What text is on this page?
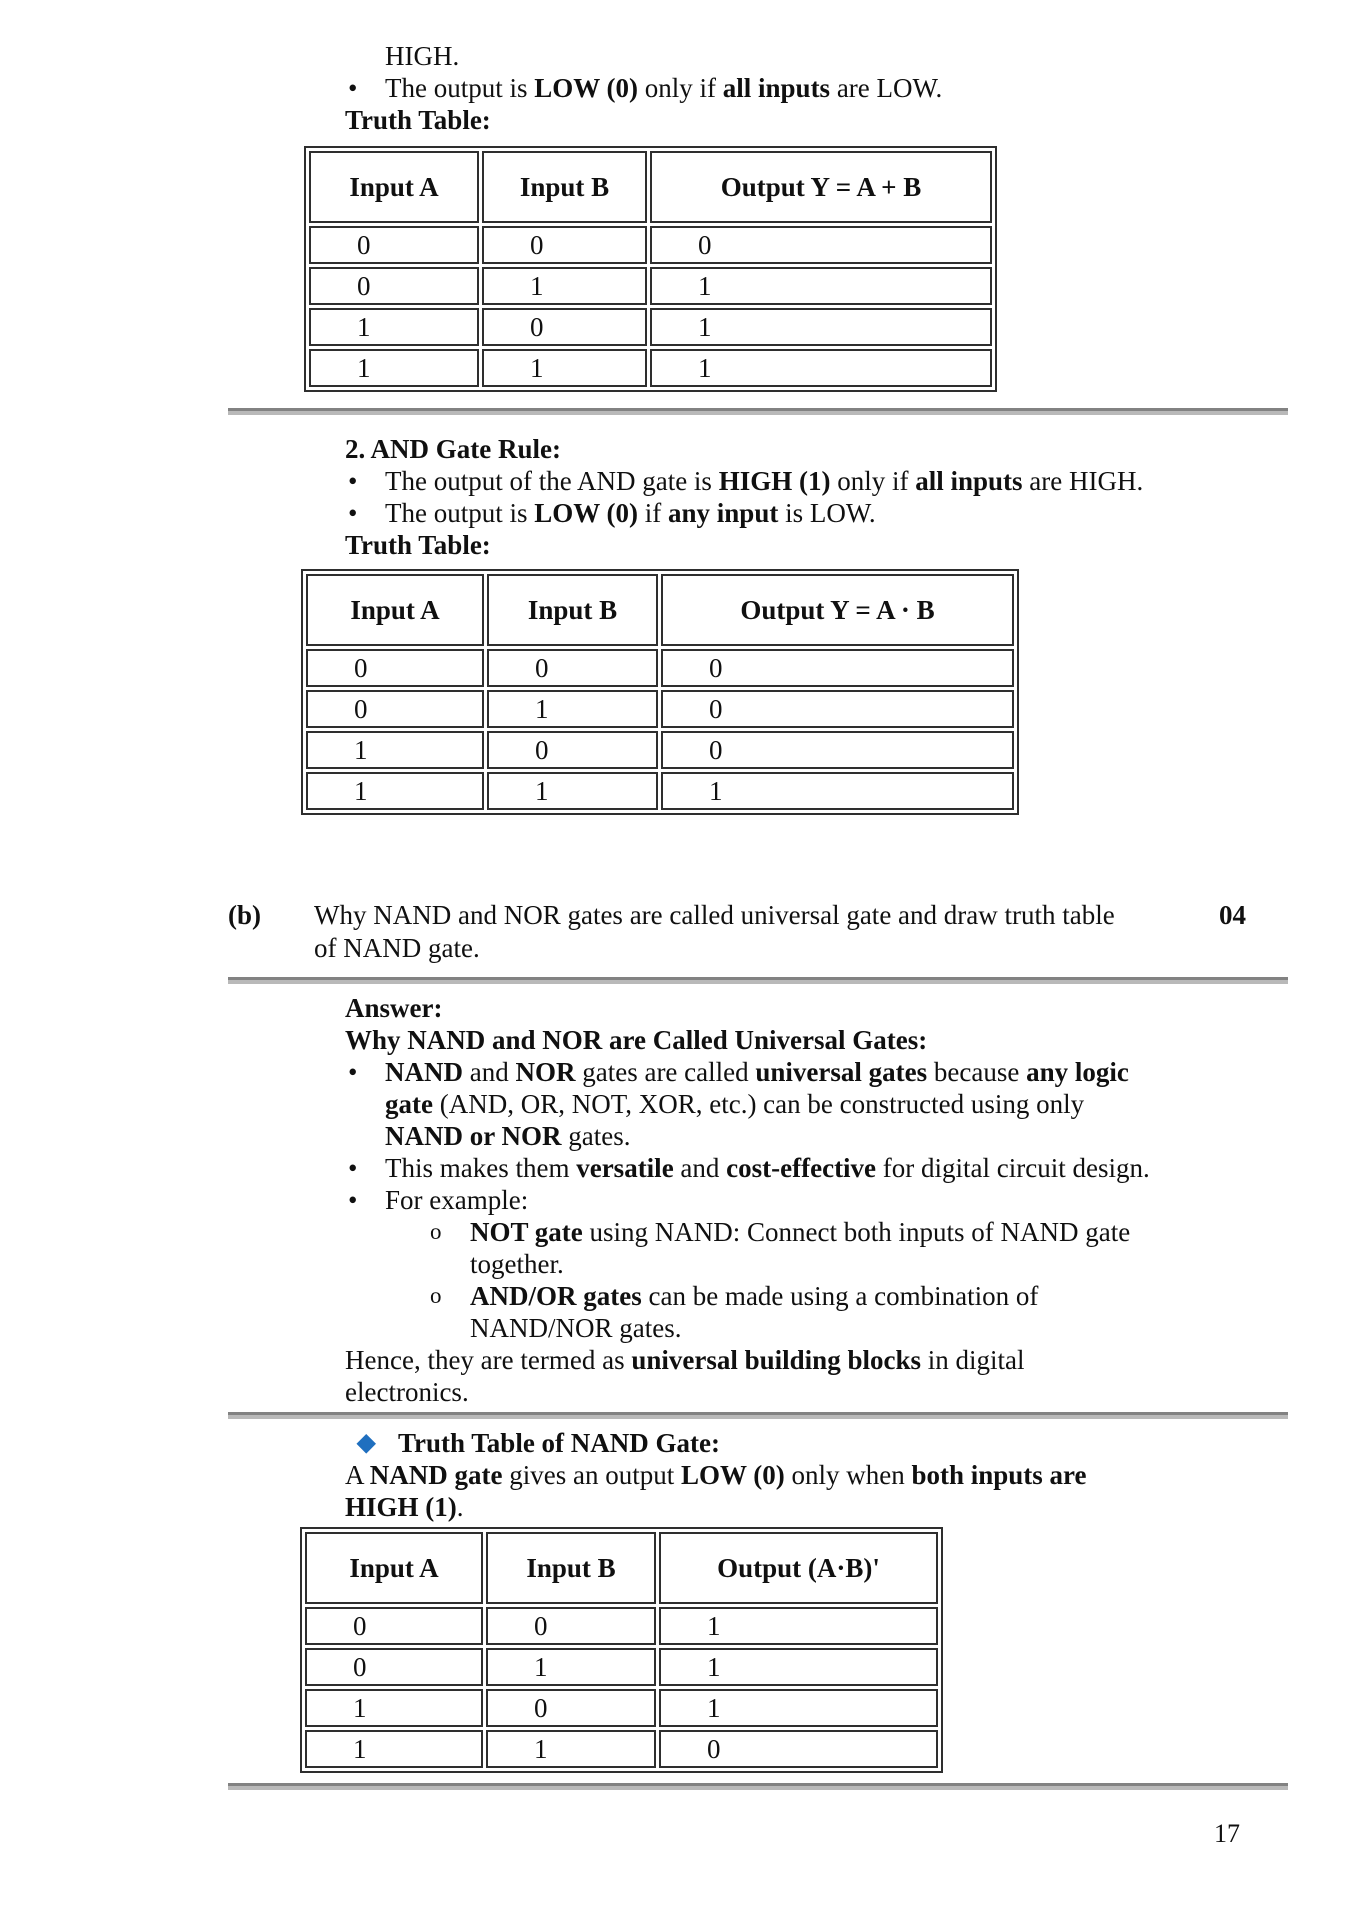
HIGH.
•	The output is LOW (0) only if all inputs are LOW.
Truth Table:
Input A	Input B	Output Y = A + B
0	0	0
0	1	1
1	0	1
1	1	1
2. AND Gate Rule:
•	The output of the AND gate is HIGH (1) only if all inputs are HIGH.
•	The output is LOW (0) if any input is LOW.
Truth Table:
Input A	Input B	Output Y = A · B
0	0	0
0	1	0
1	0	0
1	1	1
(b)	Why NAND and NOR gates are called universal gate and draw truth table
of NAND gate.
04
Answer:
Why NAND and NOR are Called Universal Gates:
•	NAND and NOR gates are called universal gates because any logic
gate (AND, OR, NOT, XOR, etc.) can be constructed using only
NAND or NOR gates.
•	This makes them versatile and cost-effective for digital circuit design.
•	For example:
o	NOT gate using NAND: Connect both inputs of NAND gate
together.
o	AND/OR gates can be made using a combination of
NAND/NOR gates.
Hence, they are termed as universal building blocks in digital
electronics.
◆ Truth Table of NAND Gate:
A NAND gate gives an output LOW (0) only when both inputs are
HIGH (1).
Input A	Input B	Output (A·B)'
0	0	1
0	1	1
1	0	1
1	1	0
17
